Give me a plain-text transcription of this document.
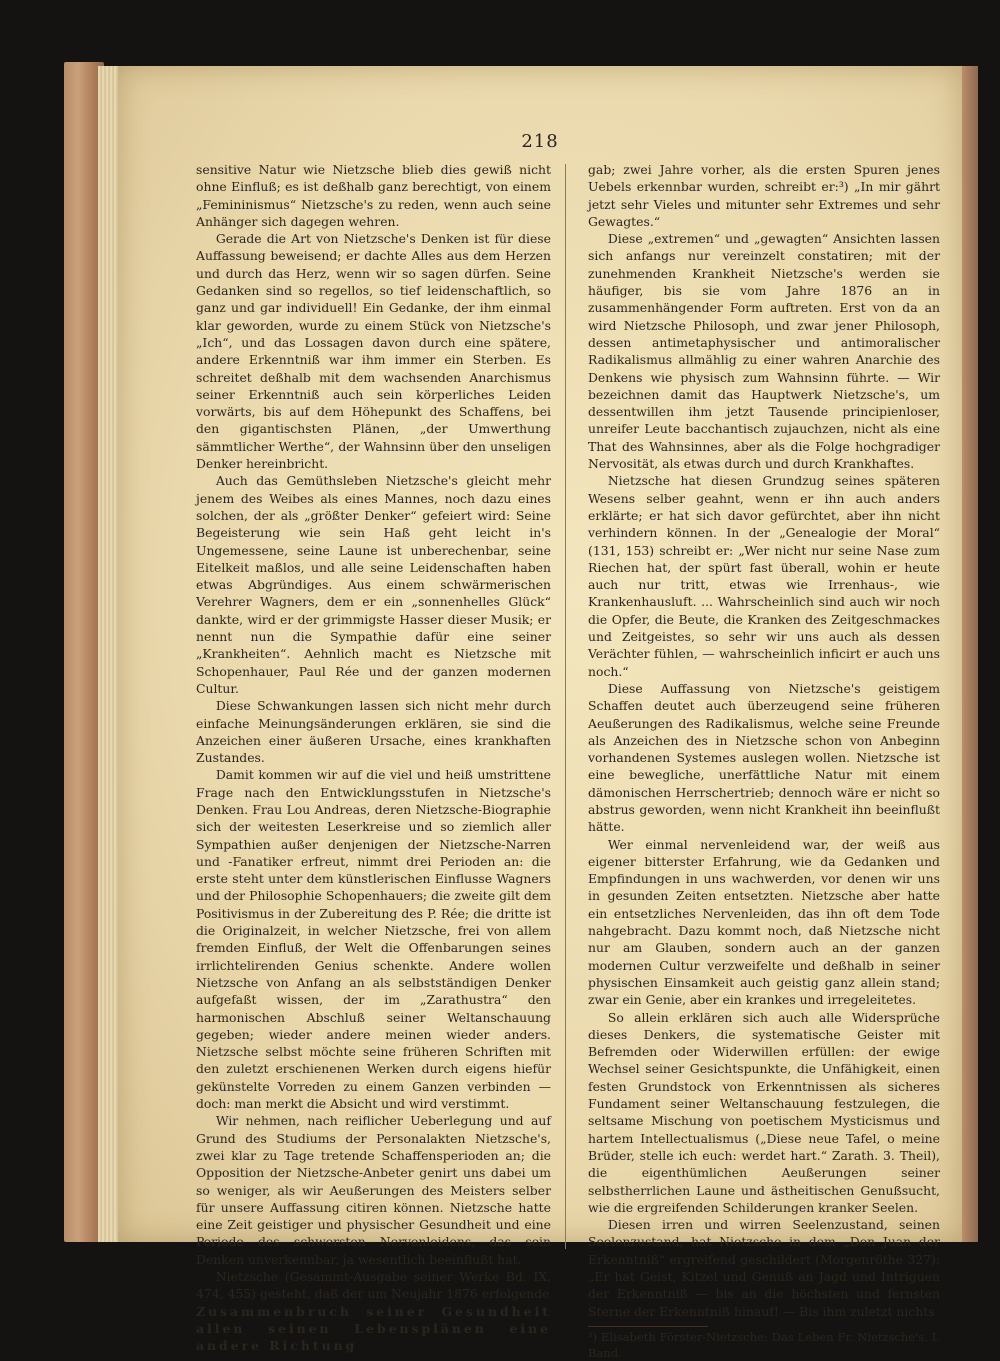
218

sensitive Natur wie Nietzsche blieb dies gewiß nicht ohne Einfluß; es ist deßhalb ganz berechtigt, von einem „Femininismus“ Nietzsche's zu reden, wenn auch seine Anhänger sich dagegen wehren.

Gerade die Art von Nietzsche's Denken ist für diese Auffassung beweisend; er dachte Alles aus dem Herzen und durch das Herz, wenn wir so sagen dürfen. Seine Gedanken sind so regellos, so tief leidenschaftlich, so ganz und gar individuell! Ein Gedanke, der ihm einmal klar geworden, wurde zu einem Stück von Nietzsche's „Ich“, und das Lossagen davon durch eine spätere, andere Erkenntniß war ihm immer ein Sterben. Es schreitet deßhalb mit dem wachsenden Anarchismus seiner Erkenntniß auch sein körperliches Leiden vorwärts, bis auf dem Höhepunkt des Schaffens, bei den gigantischsten Plänen, „der Umwerthung sämmtlicher Werthe“, der Wahnsinn über den unseligen Denker hereinbricht.

Auch das Gemüthsleben Nietzsche's gleicht mehr jenem des Weibes als eines Mannes, noch dazu eines solchen, der als „größter Denker“ gefeiert wird: Seine Begeisterung wie sein Haß geht leicht in's Ungemessene, seine Laune ist unberechenbar, seine Eitelkeit maßlos, und alle seine Leidenschaften haben etwas Abgründiges. Aus einem schwärmerischen Verehrer Wagners, dem er ein „sonnenhelles Glück“ dankte, wird er der grimmigste Hasser dieser Musik; er nennt nun die Sympathie dafür eine seiner „Krankheiten“. Aehnlich macht es Nietzsche mit Schopenhauer, Paul Rée und der ganzen modernen Cultur.

Diese Schwankungen lassen sich nicht mehr durch einfache Meinungsänderungen erklären, sie sind die Anzeichen einer äußeren Ursache, eines krankhaften Zustandes.

Damit kommen wir auf die viel und heiß umstrittene Frage nach den Entwicklungsstufen in Nietzsche's Denken. Frau Lou Andreas, deren Nietzsche-Biographie sich der weitesten Leserkreise und so ziemlich aller Sympathien außer denjenigen der Nietzsche-Narren und -Fanatiker erfreut, nimmt drei Perioden an: die erste steht unter dem künstlerischen Einflusse Wagners und der Philosophie Schopenhauers; die zweite gilt dem Positivismus in der Zubereitung des P. Rée; die dritte ist die Originalzeit, in welcher Nietzsche, frei von allem fremden Einfluß, der Welt die Offenbarungen seines irrlichtelirenden Genius schenkte. Andere wollen Nietzsche von Anfang an als selbstständigen Denker aufgefaßt wissen, der im „Zarathustra“ den harmonischen Abschluß seiner Weltanschauung gegeben; wieder andere meinen wieder anders. Nietzsche selbst möchte seine früheren Schriften mit den zuletzt erschienenen Werken durch eigens hiefür gekünstelte Vorreden zu einem Ganzen verbinden — doch: man merkt die Absicht und wird verstimmt.

Wir nehmen, nach reiflicher Ueberlegung und auf Grund des Studiums der Personalakten Nietzsche's, zwei klar zu Tage tretende Schaffensperioden an; die Opposition der Nietzsche-Anbeter genirt uns dabei um so weniger, als wir Aeußerungen des Meisters selber für unsere Auffassung citiren können. Nietzsche hatte eine Zeit geistiger und physischer Gesundheit und eine Periode des schwersten Nervenleidens, das sein Denken unverkennbar, ja wesentlich beeinflußt hat.

Nietzsche (Gesammt-Ausgabe seiner Werke Bd. IX, 474, 455) gesteht, daß der um Neujahr 1876 erfolgende

Zusammenbruch seiner Gesundheit allen seinen Lebensplänen eine andere Richtung

gab; zwei Jahre vorher, als die ersten Spuren jenes Uebels erkennbar wurden, schreibt er:³) „In mir gährt jetzt sehr Vieles und mitunter sehr Extremes und sehr Gewagtes.“

Diese „extremen“ und „gewagten“ Ansichten lassen sich anfangs nur vereinzelt constatiren; mit der zunehmenden Krankheit Nietzsche's werden sie häufiger, bis sie vom Jahre 1876 an in zusammenhängender Form auftreten. Erst von da an wird Nietzsche Philosoph, und zwar jener Philosoph, dessen antimetaphysischer und antimoralischer Radikalismus allmählig zu einer wahren Anarchie des Denkens wie physisch zum Wahnsinn führte. — Wir bezeichnen damit das Hauptwerk Nietzsche's, um dessentwillen ihm jetzt Tausende principienloser, unreifer Leute bacchantisch zujauchzen, nicht als eine That des Wahnsinnes, aber als die Folge hochgradiger Nervosität, als etwas durch und durch Krankhaftes.

Nietzsche hat diesen Grundzug seines späteren Wesens selber geahnt, wenn er ihn auch anders erklärte; er hat sich davor gefürchtet, aber ihn nicht verhindern können. In der „Genealogie der Moral“ (131, 153) schreibt er: „Wer nicht nur seine Nase zum Riechen hat, der spürt fast überall, wohin er heute auch nur tritt, etwas wie Irrenhaus-, wie Krankenhausluft. ... Wahrscheinlich sind auch wir noch die Opfer, die Beute, die Kranken des Zeitgeschmackes und Zeitgeistes, so sehr wir uns auch als dessen Verächter fühlen, — wahrscheinlich inficirt er auch uns noch.“

Diese Auffassung von Nietzsche's geistigem Schaffen deutet auch überzeugend seine früheren Aeußerungen des Radikalismus, welche seine Freunde als Anzeichen des in Nietzsche schon von Anbeginn vorhandenen Systemes auslegen wollen. Nietzsche ist eine bewegliche, unerfättliche Natur mit einem dämonischen Herrschertrieb; dennoch wäre er nicht so abstrus geworden, wenn nicht Krankheit ihn beeinflußt hätte.

Wer einmal nervenleidend war, der weiß aus eigener bitterster Erfahrung, wie da Gedanken und Empfindungen in uns wachwerden, vor denen wir uns in gesunden Zeiten entsetzten. Nietzsche aber hatte ein entsetzliches Nervenleiden, das ihn oft dem Tode nahgebracht. Dazu kommt noch, daß Nietzsche nicht nur am Glauben, sondern auch an der ganzen modernen Cultur verzweifelte und deßhalb in seiner physischen Einsamkeit auch geistig ganz allein stand; zwar ein Genie, aber ein krankes und irregeleitetes.

So allein erklären sich auch alle Widersprüche dieses Denkers, die systematische Geister mit Befremden oder Widerwillen erfüllen: der ewige Wechsel seiner Gesichtspunkte, die Unfähigkeit, einen festen Grundstock von Erkenntnissen als sicheres Fundament seiner Weltanschauung festzulegen, die seltsame Mischung von poetischem Mysticismus und hartem Intellectualismus („Diese neue Tafel, o meine Brüder, stelle ich euch: werdet hart.“ Zarath. 3. Theil), die eigenthümlichen Aeußerungen seiner selbstherrlichen Laune und ästheitischen Genußsucht, wie die ergreifenden Schilderungen kranker Seelen.

Diesen irren und wirren Seelenzustand, seinen Seelenzustand, hat Nietzsche in dem „Don Juan der Erkenntniß“ ergreifend geschildert (Morgenröthe 327): „Er hat Geist, Kitzel und Genuß an Jagd und Intriguen der Erkenntniß — bis an die höchsten und fernsten Sterne der Erkenntniß hinauf! — Bis ihm zuletzt nichts

³) Elisabeth Förster-Nietzsche: Das Leben Fr. Nietzsche's. I. Band.
